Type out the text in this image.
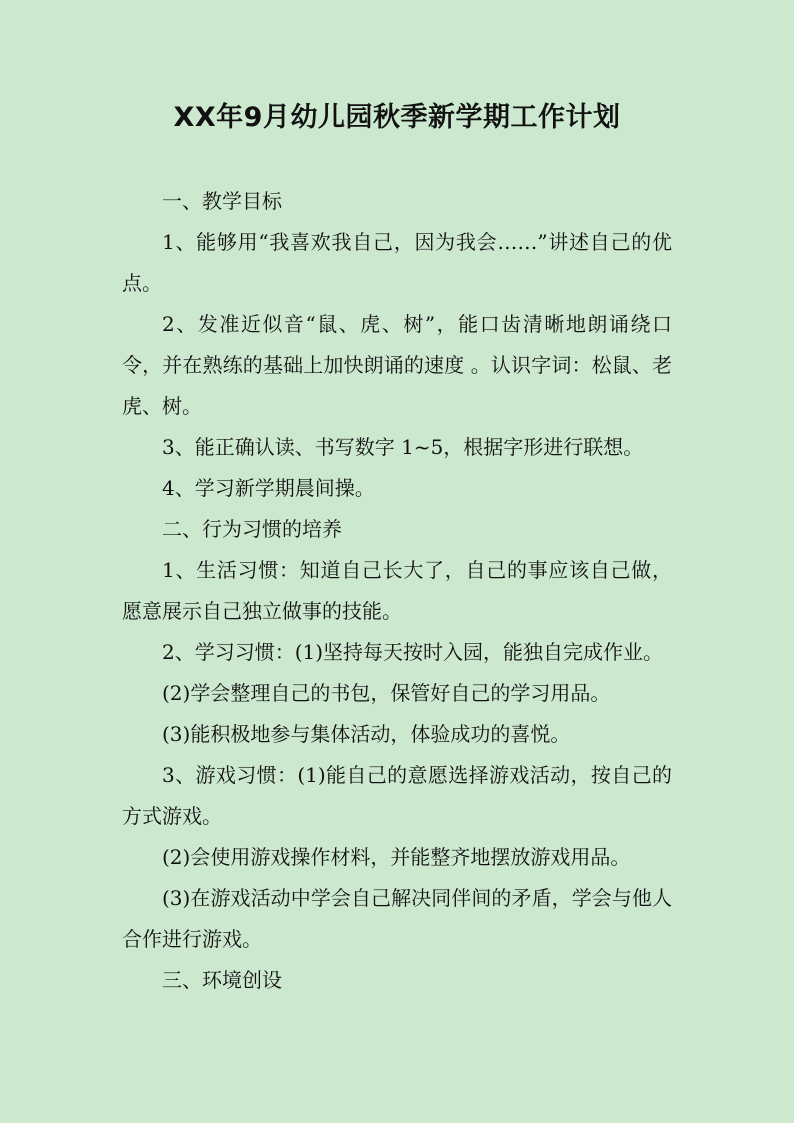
XX年9月幼儿园秋季新学期工作计划

一、教学目标

1、能够用“我喜欢我自己，因为我会……”讲述自己的优点。

2、发准近似音“鼠、虎、树”，能口齿清晰地朗诵绕口令，并在熟练的基础上加快朗诵的速度 。认识字词：松鼠、老虎、树。

3、能正确认读、书写数字 1~5，根据字形进行联想。

4、学习新学期晨间操。

二、行为习惯的培养

1、生活习惯：知道自己长大了，自己的事应该自己做，愿意展示自己独立做事的技能。

2、学习习惯：(1)坚持每天按时入园，能独自完成作业。

(2)学会整理自己的书包，保管好自己的学习用品。

(3)能积极地参与集体活动，体验成功的喜悦。

3、游戏习惯：(1)能自己的意愿选择游戏活动，按自己的方式游戏。

(2)会使用游戏操作材料，并能整齐地摆放游戏用品。

(3)在游戏活动中学会自己解决同伴间的矛盾，学会与他人合作进行游戏。

三、环境创设
